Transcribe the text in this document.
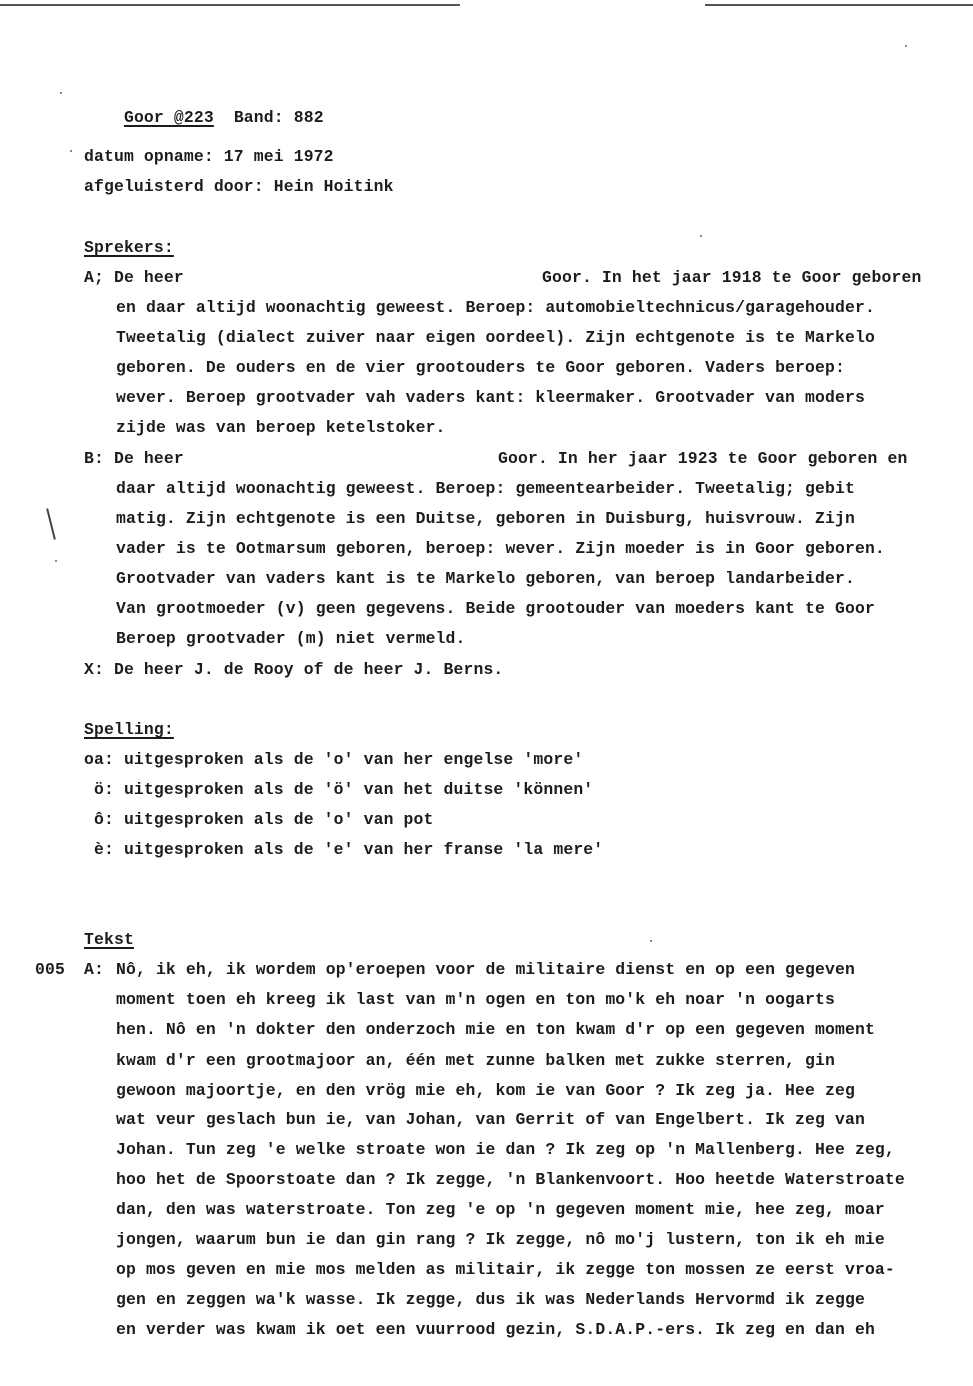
Goor @223 Band: 882

datum opname: 17 mei 1972
afgeluisterd door: Hein Hoitink
Sprekers:
A; De heer	Goor. In het jaar 1918 te Goor geboren
en daar altijd woonachtig geweest. Beroep: automobieltechnicus/garagehouder.
Tweetalig (dialect zuiver naar eigen oordeel). Zijn echtgenote is te Markelo
geboren. De ouders en de vier grootouders te Goor geboren. Vaders beroep:
wever. Beroep grootvader vah vaders kant: kleermaker. Grootvader van moders
zijde was van beroep ketelstoker.
B: De heer	Goor. In her jaar 1923 te Goor geboren en
daar altijd woonachtig geweest. Beroep: gemeentearbeider. Tweetalig; gebit
matig. Zijn echtgenote is een Duitse, geboren in Duisburg, huisvrouw. Zijn
vader is te Ootmarsum geboren, beroep: wever. Zijn moeder is in Goor geboren.
Grootvader van vaders kant is te Markelo geboren, van beroep landarbeider.
Van grootmoeder (v) geen gegevens. Beide grootouder van moeders kant te Goor
Beroep grootvader (m) niet vermeld.
X: De heer J. de Rooy of de heer J. Berns.
Spelling:
oa: uitgesproken als de 'o' van her engelse 'more'
ö: uitgesproken als de 'ö' van het duitse 'können'
ô: uitgesproken als de 'o' van pot
è: uitgesproken als de 'e' van her franse 'la mere'
Tekst
005 A: Nô, ik eh, ik wordem op'eroepen voor de militaire dienst en op een gegeven
moment toen eh kreeg ik last van m'n ogen en ton mo'k eh noar 'n oogarts
hen. Nô en 'n dokter den onderzoch mie en ton kwam d'r op een gegeven moment
kwam d'r een grootmajoor an, één met zunne balken met zukke sterren, gin
gewoon majoortje, en den vrög mie eh, kom ie van Goor ? Ik zeg ja. Hee zeg
wat veur geslach bun ie, van Johan, van Gerrit of van Engelbert. Ik zeg van
Johan. Tun zeg 'e welke stroate won ie dan ? Ik zeg op 'n Mallenberg. Hee zeg,
hoo het de Spoorstoate dan ? Ik zegge, 'n Blankenvoort. Hoo heetde Waterstroate
dan, den was waterstroate. Ton zeg 'e op 'n gegeven moment mie, hee zeg, moar
jongen, waarum bun ie dan gin rang ? Ik zegge, nô mo'j lustern, ton ik eh mie
op mos geven en mie mos melden as militair, ik zegge ton mossen ze eerst vroa-
gen en zeggen wa'k wasse. Ik zegge, dus ik was Nederlands Hervormd ik zegge
en verder was kwam ik oet een vuurrood gezin, S.D.A.P.-ers. Ik zeg en dan eh
